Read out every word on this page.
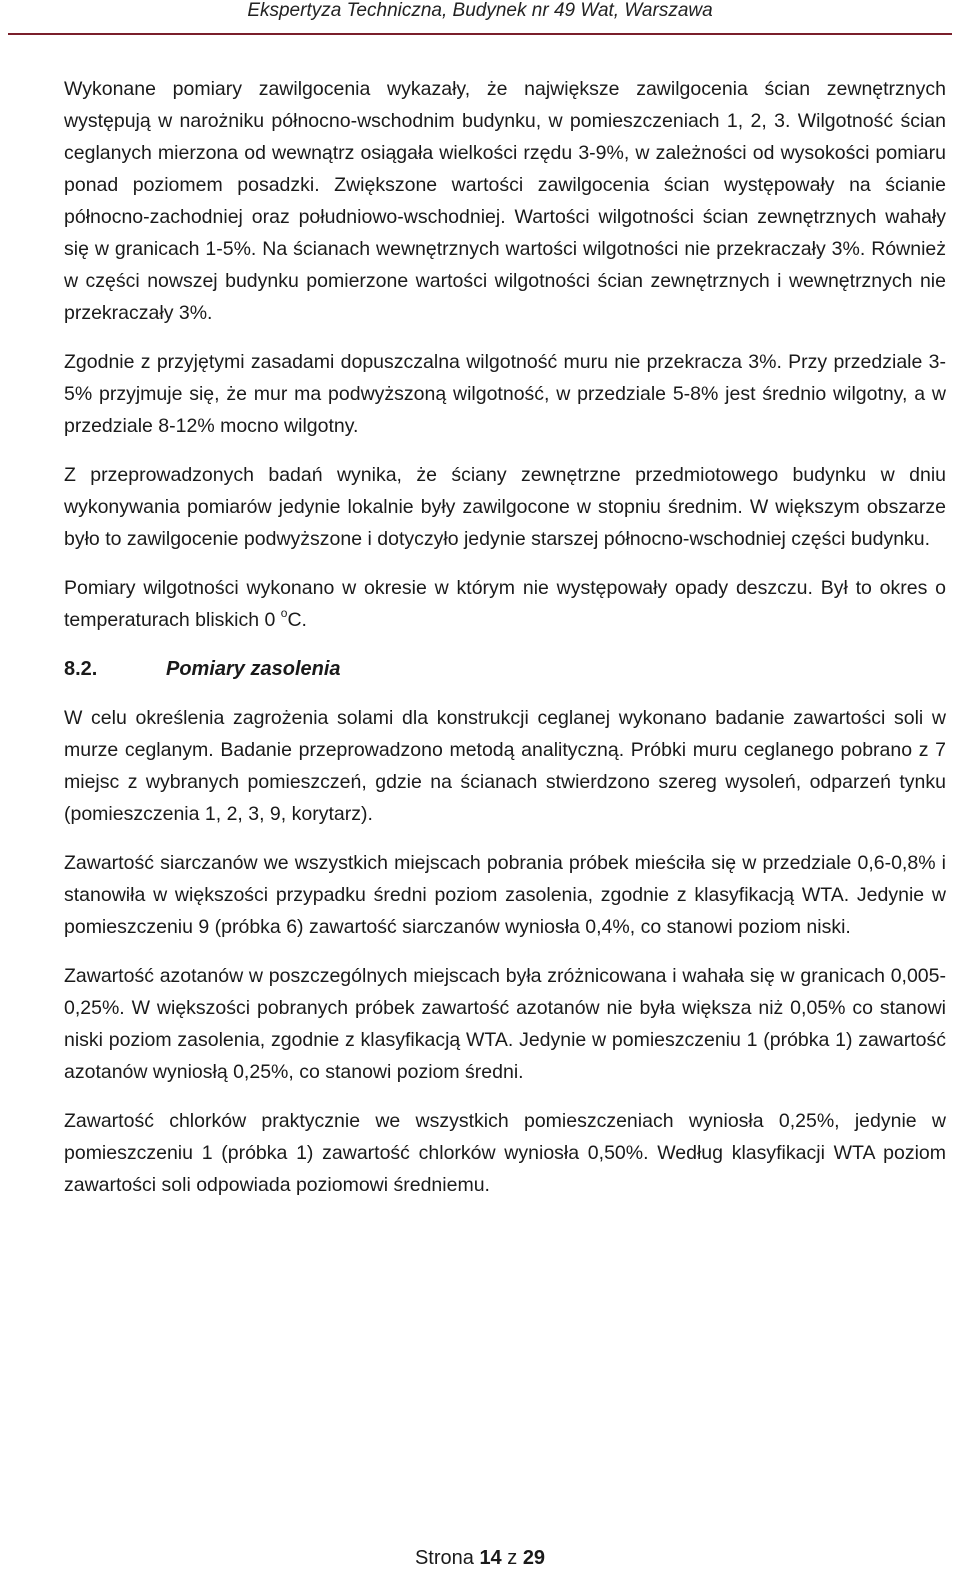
Ekspertyza Techniczna, Budynek nr 49 Wat, Warszawa

Wykonane pomiary zawilgocenia wykazały, że największe zawilgocenia ścian zewnętrznych występują w narożniku północno-wschodnim budynku, w pomieszczeniach 1, 2, 3. Wilgotność ścian ceglanych mierzona od wewnątrz osiągała wielkości rzędu 3-9%, w zależności od wysokości pomiaru ponad poziomem posadzki. Zwiększone wartości zawilgocenia ścian występowały na ścianie północno-zachodniej oraz południowo-wschodniej. Wartości wilgotności ścian zewnętrznych wahały się w granicach 1-5%. Na ścianach wewnętrznych wartości wilgotności nie przekraczały 3%. Również w części nowszej budynku pomierzone wartości wilgotności ścian zewnętrznych i wewnętrznych nie przekraczały 3%.

Zgodnie z przyjętymi zasadami dopuszczalna wilgotność muru nie przekracza 3%. Przy przedziale 3-5% przyjmuje się, że mur ma podwyższoną wilgotność, w przedziale 5-8% jest średnio wilgotny, a w przedziale 8-12% mocno wilgotny.

Z przeprowadzonych badań wynika, że ściany zewnętrzne przedmiotowego budynku w dniu wykonywania pomiarów jedynie lokalnie były zawilgocone w stopniu średnim. W większym obszarze było to zawilgocenie podwyższone i dotyczyło jedynie starszej północno-wschodniej części budynku.

Pomiary wilgotności wykonano w okresie w którym nie występowały opady deszczu. Był to okres o temperaturach bliskich 0 $^o$C.

8.2.	Pomiary zasolenia

W celu określenia zagrożenia solami dla konstrukcji ceglanej wykonano badanie zawartości soli w murze ceglanym. Badanie przeprowadzono metodą analityczną. Próbki muru ceglanego pobrano z 7 miejsc z wybranych pomieszczeń, gdzie na ścianach stwierdzono szereg wysoleń, odparzeń tynku (pomieszczenia 1, 2, 3, 9, korytarz).

Zawartość siarczanów we wszystkich miejscach pobrania próbek mieściła się w przedziale 0,6-0,8% i stanowiła w większości przypadku średni poziom zasolenia, zgodnie z klasyfikacją WTA. Jedynie w pomieszczeniu 9 (próbka 6) zawartość siarczanów wyniosła 0,4%, co stanowi poziom niski.

Zawartość azotanów w poszczególnych miejscach była zróżnicowana i wahała się w granicach 0,005-0,25%. W większości pobranych próbek zawartość azotanów nie była większa niż 0,05% co stanowi niski poziom zasolenia, zgodnie z klasyfikacją WTA. Jedynie w pomieszczeniu 1 (próbka 1) zawartość azotanów wyniosłą 0,25%, co stanowi poziom średni.

Zawartość chlorków praktycznie we wszystkich pomieszczeniach wyniosła 0,25%, jedynie w pomieszczeniu 1 (próbka 1) zawartość chlorków wyniosła 0,50%. Według klasyfikacji WTA poziom zawartości soli odpowiada poziomowi średniemu.

Strona 14 z 29
